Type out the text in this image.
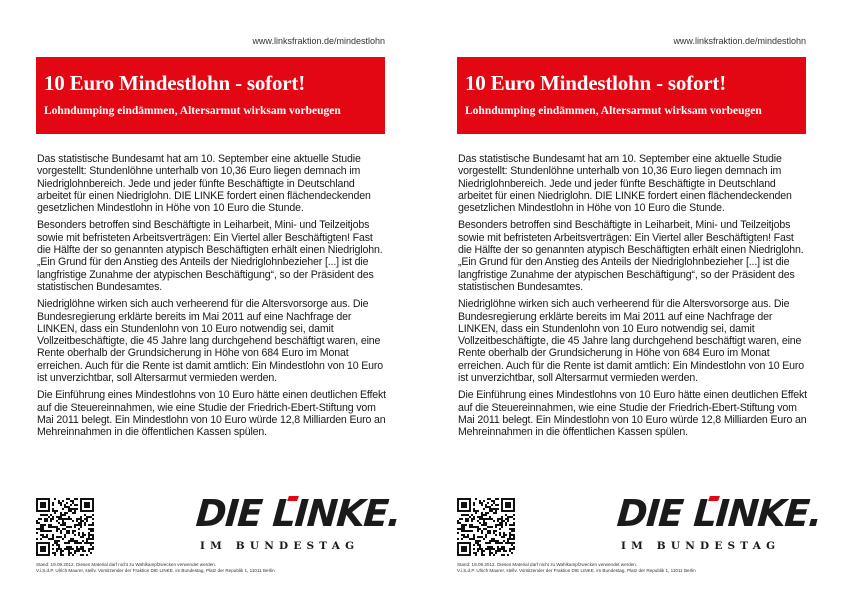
www.linksfraktion.de/mindestlohn
10 Euro Mindestlohn - sofort!
Lohndumping eindämmen, Altersarmut wirksam vorbeugen

Das statistische Bundesamt hat am 10. September eine aktuelle Studie vorgestellt: Stundenlöhne unterhalb von 10,36 Euro liegen demnach im Niedriglohnbereich. Jede und jeder fünfte Beschäftigte in Deutschland arbeitet für einen Niedriglohn. DIE LINKE fordert einen flächendeckenden gesetzlichen Mindestlohn in Höhe von 10 Euro die Stunde.

Besonders betroffen sind Beschäftigte in Leiharbeit, Mini- und Teilzeitjobs sowie mit befristeten Arbeitsverträgen: Ein Viertel aller Beschäftigten! Fast die Hälfte der so genannten atypisch Beschäftigten erhält einen Niedriglohn. „Ein Grund für den Anstieg des Anteils der Niedriglohnbezieher [...] ist die langfristige Zunahme der atypischen Beschäftigung“, so der Präsident des statistischen Bundesamtes.

Niedriglöhne wirken sich auch verheerend für die Altersvorsorge aus. Die Bundesregierung erklärte bereits im Mai 2011 auf eine Nachfrage der LINKEN, dass ein Stundenlohn von 10 Euro notwendig sei, damit Vollzeitbeschäftigte, die 45 Jahre lang durchgehend beschäftigt waren, eine Rente oberhalb der Grundsicherung in Höhe von 684 Euro im Monat erreichen. Auch für die Rente ist damit amtlich: Ein Mindestlohn von 10 Euro ist unverzichtbar, soll Altersarmut vermieden werden.

Die Einführung eines Mindestlohns von 10 Euro hätte einen deutlichen Effekt auf die Steuereinnahmen, wie eine Studie der Friedrich-Ebert-Stiftung vom Mai 2011 belegt. Ein Mindestlohn von 10 Euro würde 12,8 Milliarden Euro an Mehreinnahmen in die öffentlichen Kassen spülen.

DIE LINKE.
IM BUNDESTAG
Stand: 19.09.2012. Dieses Material darf nicht zu Wahlkampfzwecken verwendet werden.
V.i.S.d.P. Ulrich Maurer, stellv. Vorsitzender der Fraktion DIE LINKE. im Bundestag, Platz der Republik 1, 11011 Berlin
www.linksfraktion.de/mindestlohn
10 Euro Mindestlohn - sofort!
Lohndumping eindämmen, Altersarmut wirksam vorbeugen

Das statistische Bundesamt hat am 10. September eine aktuelle Studie vorgestellt: Stundenlöhne unterhalb von 10,36 Euro liegen demnach im Niedriglohnbereich. Jede und jeder fünfte Beschäftigte in Deutschland arbeitet für einen Niedriglohn. DIE LINKE fordert einen flächendeckenden gesetzlichen Mindestlohn in Höhe von 10 Euro die Stunde.

Besonders betroffen sind Beschäftigte in Leiharbeit, Mini- und Teilzeitjobs sowie mit befristeten Arbeitsverträgen: Ein Viertel aller Beschäftigten! Fast die Hälfte der so genannten atypisch Beschäftigten erhält einen Niedriglohn. „Ein Grund für den Anstieg des Anteils der Niedriglohnbezieher [...] ist die langfristige Zunahme der atypischen Beschäftigung“, so der Präsident des statistischen Bundesamtes.

Niedriglöhne wirken sich auch verheerend für die Altersvorsorge aus. Die Bundesregierung erklärte bereits im Mai 2011 auf eine Nachfrage der LINKEN, dass ein Stundenlohn von 10 Euro notwendig sei, damit Vollzeitbeschäftigte, die 45 Jahre lang durchgehend beschäftigt waren, eine Rente oberhalb der Grundsicherung in Höhe von 684 Euro im Monat erreichen. Auch für die Rente ist damit amtlich: Ein Mindestlohn von 10 Euro ist unverzichtbar, soll Altersarmut vermieden werden.

Die Einführung eines Mindestlohns von 10 Euro hätte einen deutlichen Effekt auf die Steuereinnahmen, wie eine Studie der Friedrich-Ebert-Stiftung vom Mai 2011 belegt. Ein Mindestlohn von 10 Euro würde 12,8 Milliarden Euro an Mehreinnahmen in die öffentlichen Kassen spülen.

DIE LINKE.
IM BUNDESTAG
Stand: 19.09.2012. Dieses Material darf nicht zu Wahlkampfzwecken verwendet werden.
V.i.S.d.P. Ulrich Maurer, stellv. Vorsitzender der Fraktion DIE LINKE. im Bundestag, Platz der Republik 1, 11011 Berlin
